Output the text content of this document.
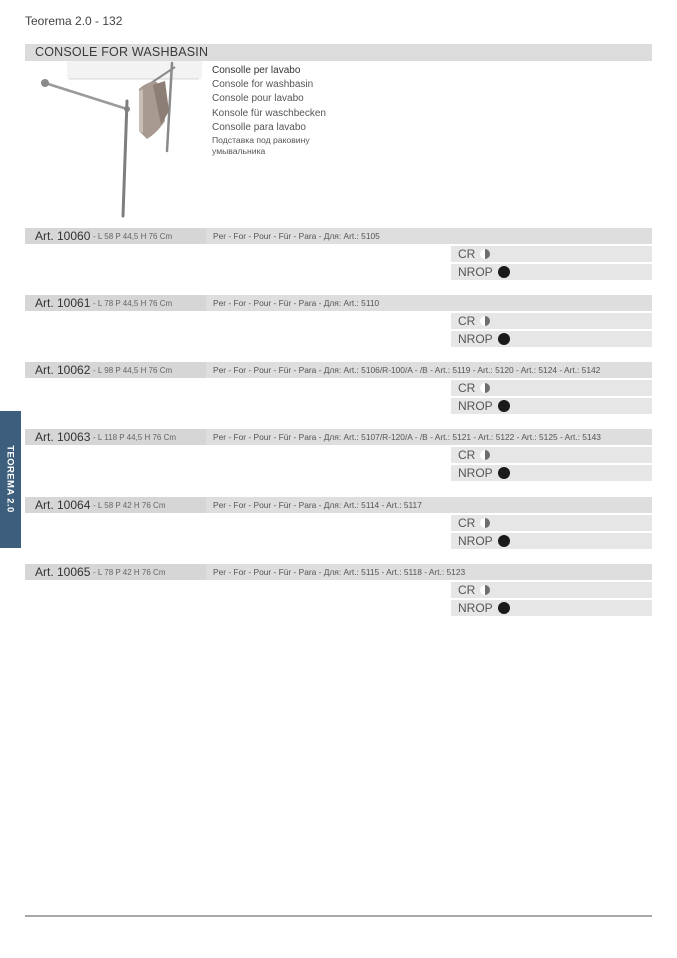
Teorema 2.0 - 132
CONSOLE FOR WASHBASIN
Consolle per lavabo
Console for washbasin
Console pour lavabo
Konsole für waschbecken
Consolle para lavabo
Подставка под раковину
умывальника
TEOREMA 2.0
Art. 10060 - L 58 P 44,5 H 76 Cm	Per - For - Pour - Für - Para - Для: Art.: 5105
CR
NROP
Art. 10061 - L 78 P 44,5 H 76 Cm	Per - For - Pour - Für - Para - Для: Art.: 5110
CR
NROP
Art. 10062 - L 98 P 44,5 H 76 Cm	Per - For - Pour - Für - Para - Для: Art.: 5106/R-100/A - /B - Art.: 5119 - Art.: 5120 - Art.: 5124 - Art.: 5142
CR
NROP
Art. 10063 - L 118 P 44,5 H 76 Cm	Per - For - Pour - Für - Para - Для: Art.: 5107/R-120/A - /B - Art.: 5121 - Art.: 5122 - Art.: 5125 - Art.: 5143
CR
NROP
Art. 10064 - L 58 P 42 H 76 Cm	Per - For - Pour - Für - Para - Для: Art.: 5114 - Art.: 5117
CR
NROP
Art. 10065 - L 78 P 42 H 76 Cm	Per - For - Pour - Für - Para - Для: Art.: 5115 - Art.: 5118 - Art.: 5123
CR
NROP
